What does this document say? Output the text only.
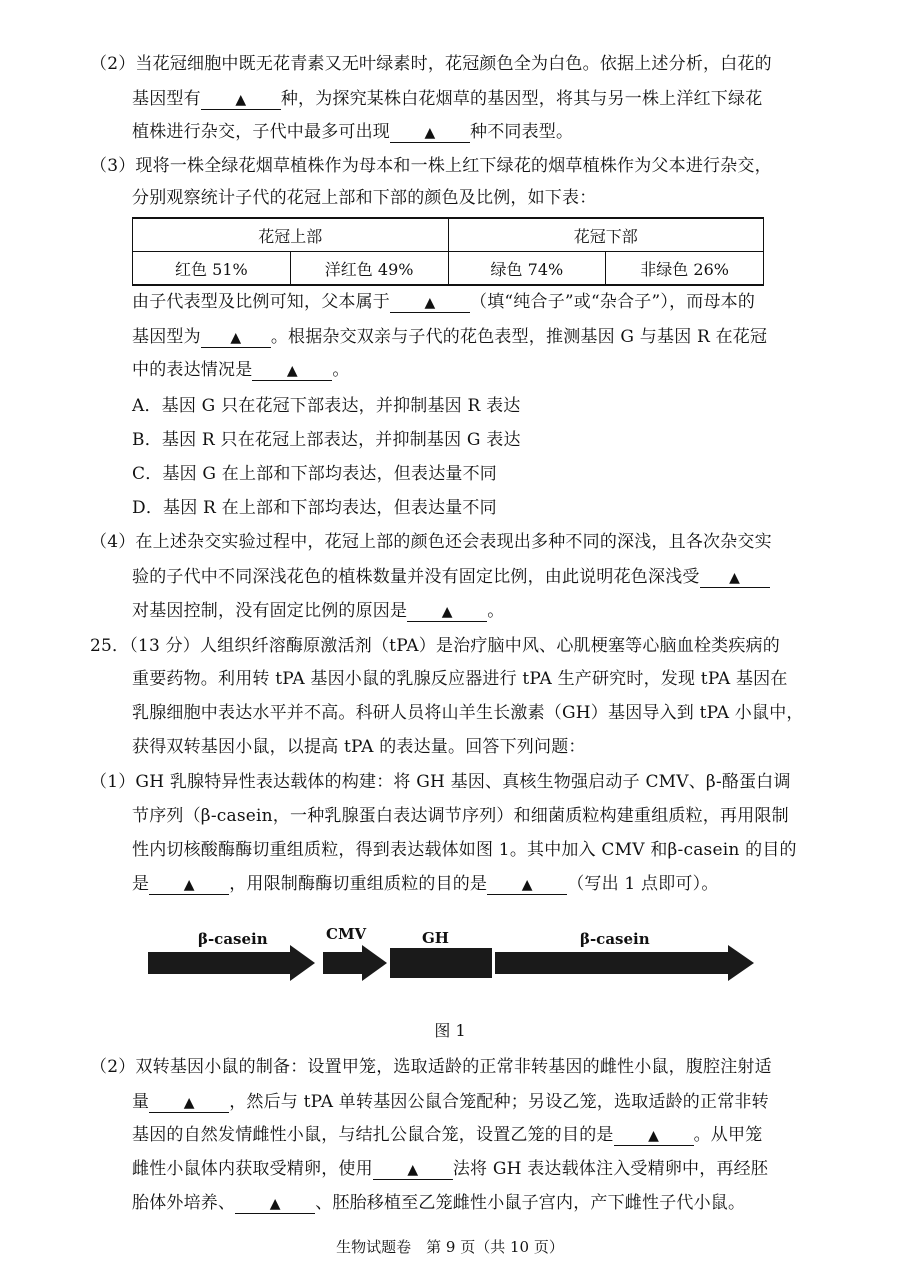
（2）当花冠细胞中既无花青素又无叶绿素时，花冠颜色全为白色。依据上述分析，白花的
基因型有 ▲ 种，为探究某株白花烟草的基因型，将其与另一株上洋红下绿花
植株进行杂交，子代中最多可出现 ▲ 种不同表型。
（3）现将一株全绿花烟草植株作为母本和一株上红下绿花的烟草植株作为父本进行杂交，
分别观察统计子代的花冠上部和下部的颜色及比例，如下表：
花冠上部		花冠下部	
红色 51%	洋红色 49%	绿色 74%	非绿色 26%
由子代表型及比例可知，父本属于 ▲ （填“纯合子”或“杂合子”），而母本的
基因型为 ▲ 。根据杂交双亲与子代的花色表型，推测基因 G 与基因 R 在花冠
中的表达情况是 ▲ 。
A．基因 G 只在花冠下部表达，并抑制基因 R 表达
B．基因 R 只在花冠上部表达，并抑制基因 G 表达
C．基因 G 在上部和下部均表达，但表达量不同
D．基因 R 在上部和下部均表达，但表达量不同
（4）在上述杂交实验过程中，花冠上部的颜色还会表现出多种不同的深浅，且各次杂交实
验的子代中不同深浅花色的植株数量并没有固定比例，由此说明花色深浅受 ▲
对基因控制，没有固定比例的原因是 ▲ 。
25．（13 分）人组织纤溶酶原激活剂（tPA）是治疗脑中风、心肌梗塞等心脑血栓类疾病的
重要药物。利用转 tPA 基因小鼠的乳腺反应器进行 tPA 生产研究时，发现 tPA 基因在
乳腺细胞中表达水平并不高。科研人员将山羊生长激素（GH）基因导入到 tPA 小鼠中，
获得双转基因小鼠，以提高 tPA 的表达量。回答下列问题：
（1）GH 乳腺特异性表达载体的构建：将 GH 基因、真核生物强启动子 CMV、β-酪蛋白调
节序列（β-casein，一种乳腺蛋白表达调节序列）和细菌质粒构建重组质粒，再用限制
性内切核酸酶酶切重组质粒，得到表达载体如图 1。其中加入 CMV 和β-casein 的目的
是 ▲ ，用限制酶酶切重组质粒的目的是 ▲ （写出 1 点即可）。
β-casein	CMV	GH	β-casein
图 1
（2）双转基因小鼠的制备：设置甲笼，选取适龄的正常非转基因的雌性小鼠，腹腔注射适
量 ▲ ，然后与 tPA 单转基因公鼠合笼配种；另设乙笼，选取适龄的正常非转
基因的自然发情雌性小鼠，与结扎公鼠合笼，设置乙笼的目的是 ▲ 。从甲笼
雌性小鼠体内获取受精卵，使用 ▲ 法将 GH 表达载体注入受精卵中，再经胚
胎体外培养、 ▲ 、胚胎移植至乙笼雌性小鼠子宫内，产下雌性子代小鼠。
生物试题卷　第 9 页（共 10 页）
